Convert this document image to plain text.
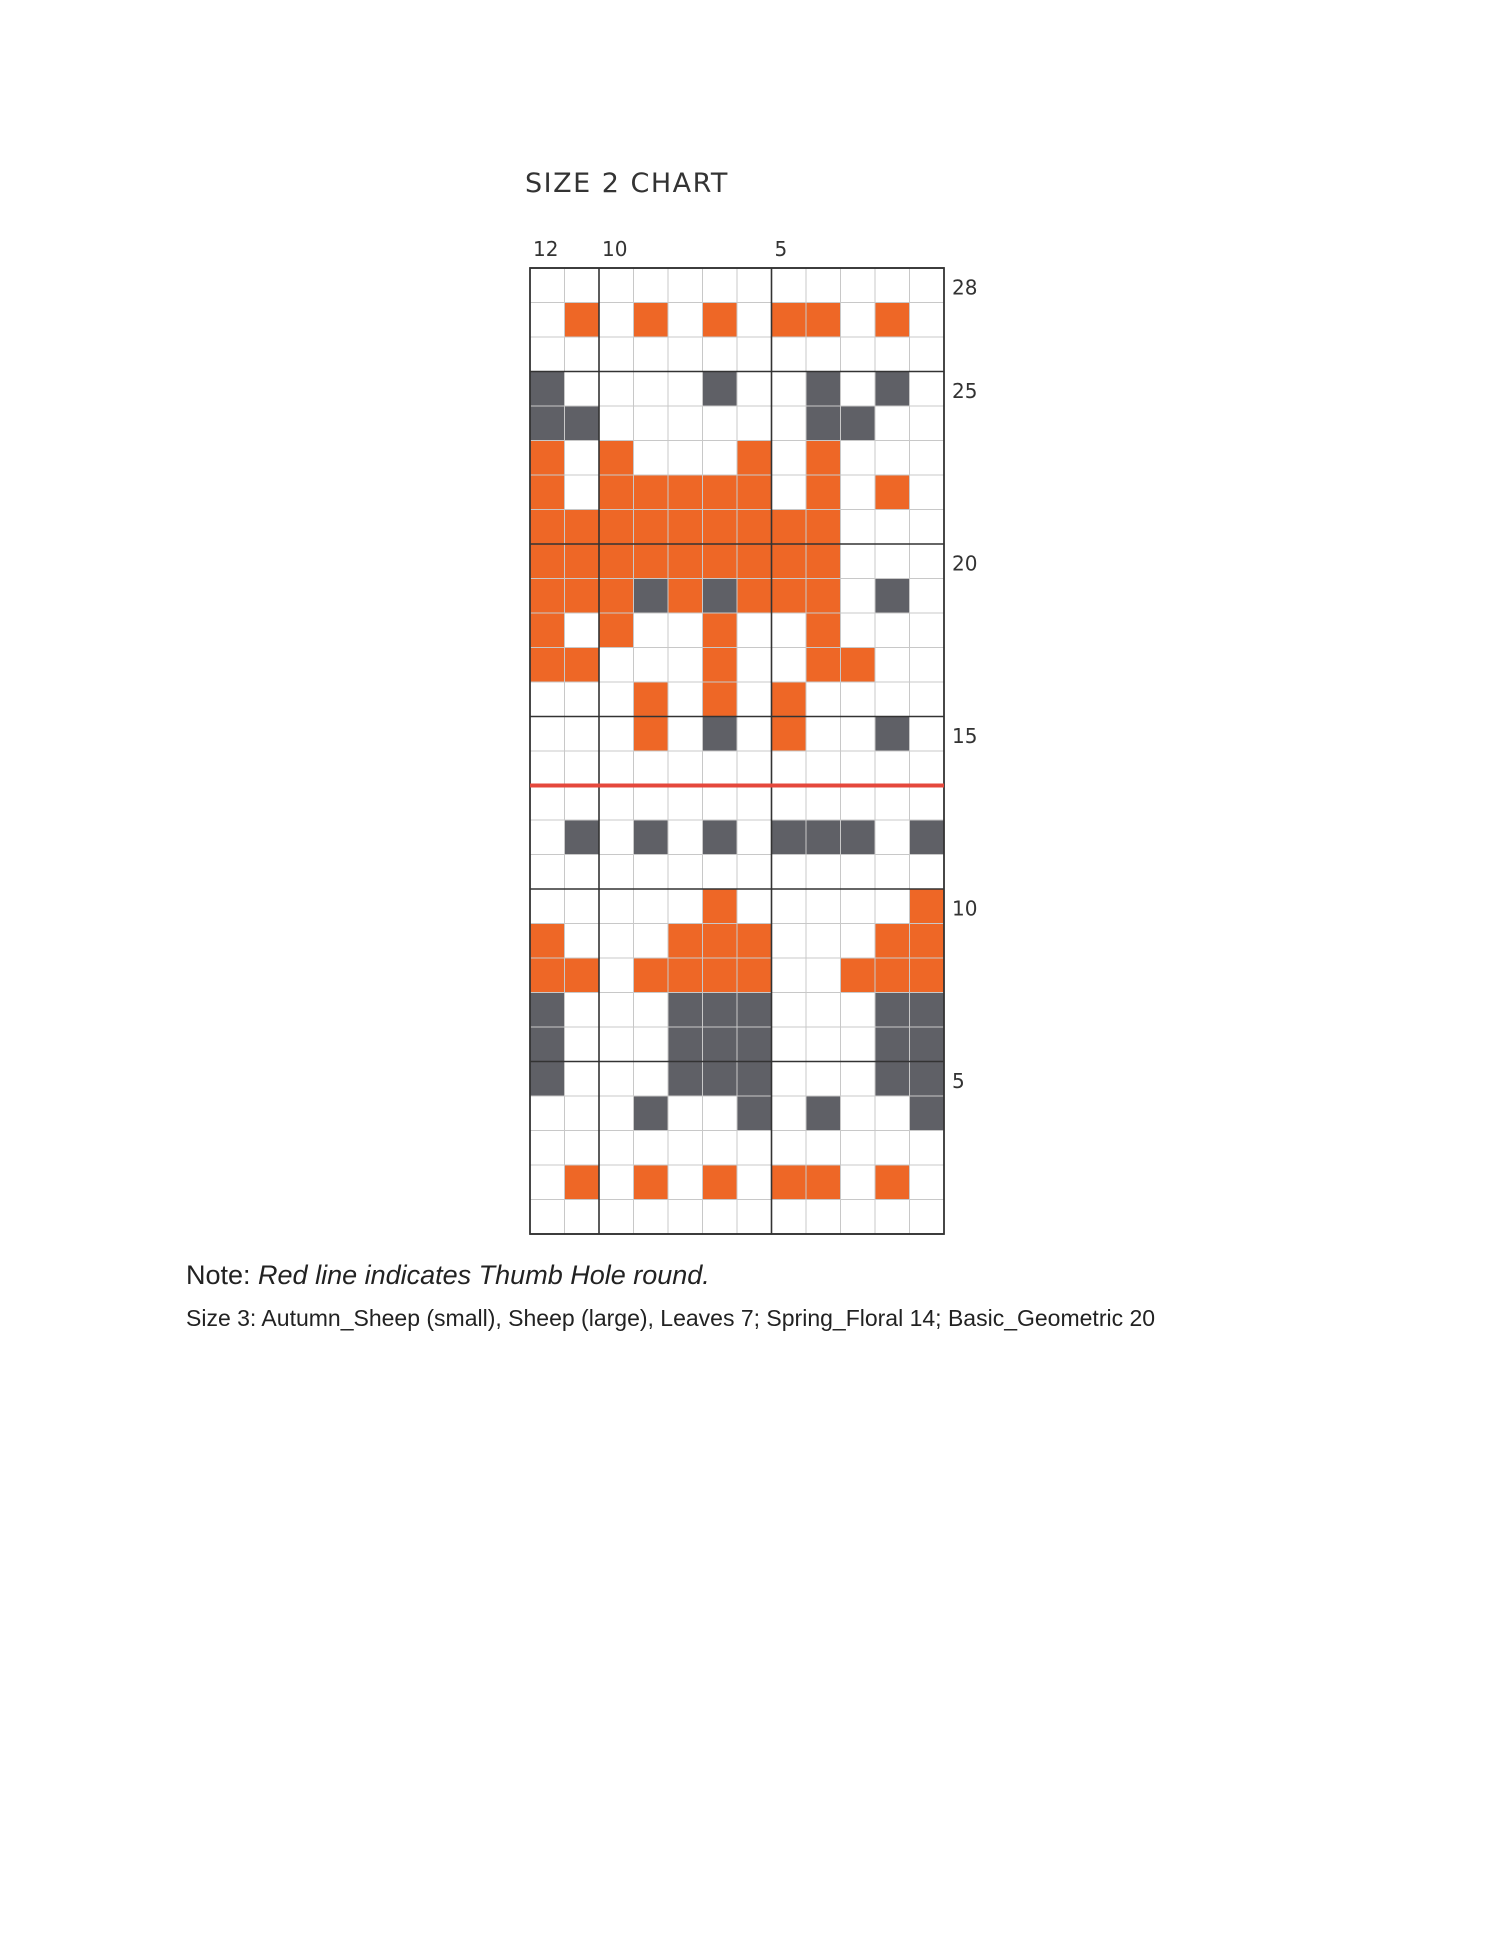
SIZE 2 CHART
12 10	5
28
25
20
15
10
5
Note: Red line indicates Thumb Hole round.
Size 3: Autumn_Sheep (small), Sheep (large), Leaves 7; Spring_Floral 14; Basic_Geometric 20
